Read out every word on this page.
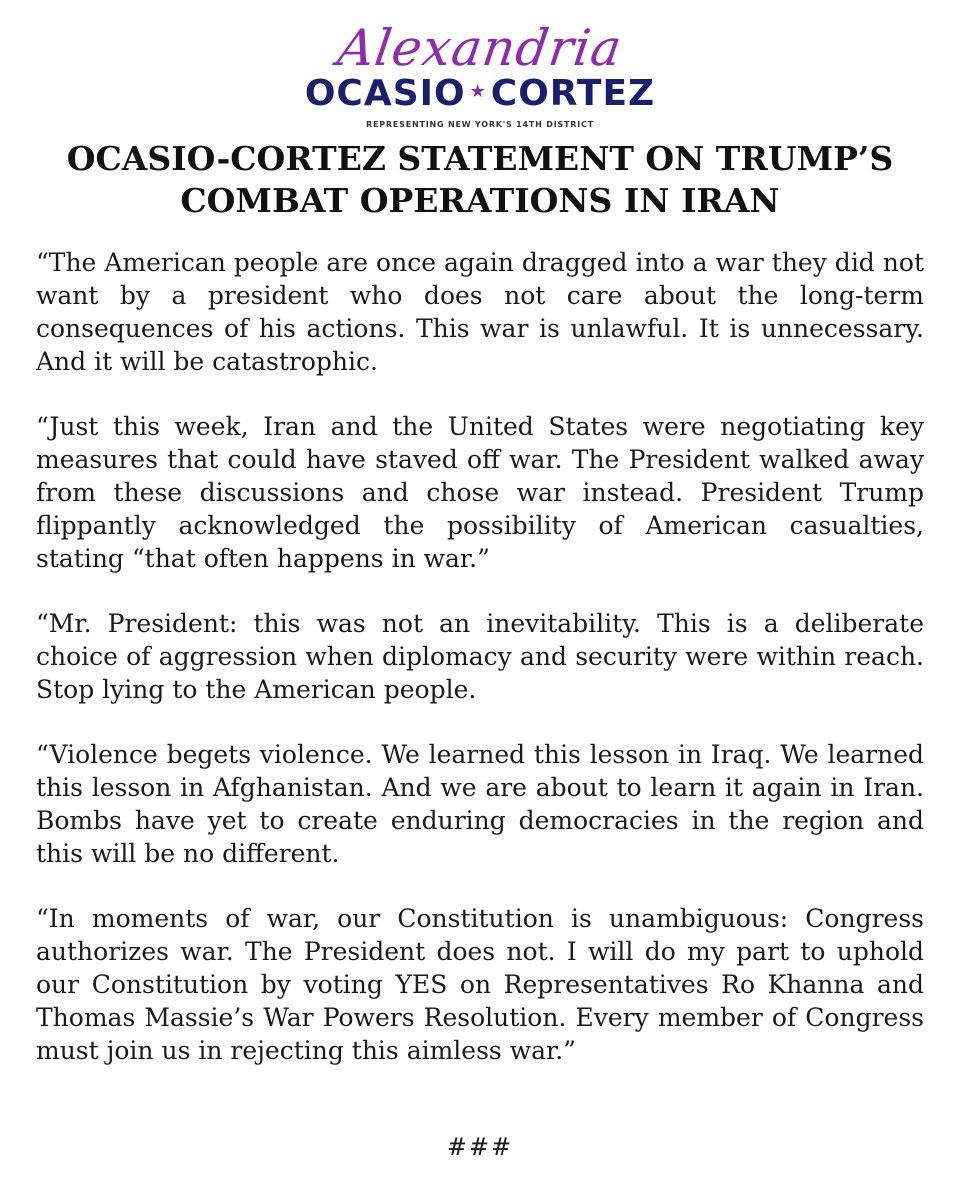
Alexandria
OCASIO ★ CORTEZ
REPRESENTING NEW YORK'S 14TH DISTRICT
OCASIO-CORTEZ STATEMENT ON TRUMP’S COMBAT OPERATIONS IN IRAN

“The American people are once again dragged into a war they did not want by a president who does not care about the long-term consequences of his actions. This war is unlawful. It is unnecessary. And it will be catastrophic.

“Just this week, Iran and the United States were negotiating key measures that could have staved off war. The President walked away from these discussions and chose war instead. President Trump flippantly acknowledged the possibility of American casualties, stating “that often happens in war.”

“Mr. President: this was not an inevitability. This is a deliberate choice of aggression when diplomacy and security were within reach. Stop lying to the American people.

“Violence begets violence. We learned this lesson in Iraq. We learned this lesson in Afghanistan. And we are about to learn it again in Iran. Bombs have yet to create enduring democracies in the region and this will be no different.

“In moments of war, our Constitution is unambiguous: Congress authorizes war. The President does not. I will do my part to uphold our Constitution by voting YES on Representatives Ro Khanna and Thomas Massie’s War Powers Resolution. Every member of Congress must join us in rejecting this aimless war.”

###
